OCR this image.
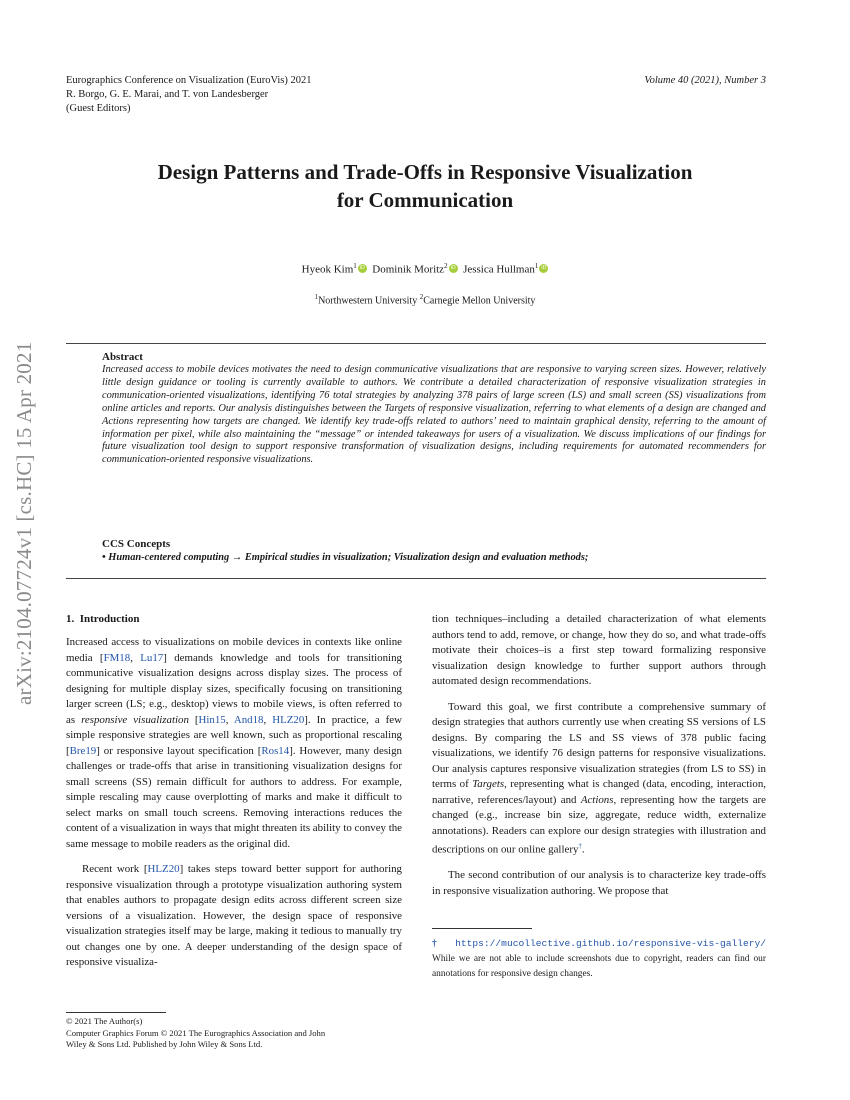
Eurographics Conference on Visualization (EuroVis) 2021
R. Borgo, G. E. Marai, and T. von Landesberger
(Guest Editors)
Volume 40 (2021), Number 3
arXiv:2104.07724v1 [cs.HC] 15 Apr 2021
Design Patterns and Trade-Offs in Responsive Visualization
for Communication
Hyeok Kim$^1$ iD Dominik Moritz$^2$ iD Jessica Hullman$^1$ iD
$^1$Northwestern University $^2$Carnegie Mellon University
Abstract

Increased access to mobile devices motivates the need to design communicative visualizations that are responsive to varying screen sizes. However, relatively little design guidance or tooling is currently available to authors. We contribute a detailed characterization of responsive visualization strategies in communication-oriented visualizations, identifying 76 total strategies by analyzing 378 pairs of large screen (LS) and small screen (SS) visualizations from online articles and reports. Our analysis distinguishes between the Targets of responsive visualization, referring to what elements of a design are changed and Actions representing how targets are changed. We identify key trade-offs related to authors’ need to maintain graphical density, referring to the amount of information per pixel, while also maintaining the “message” or intended takeaways for users of a visualization. We discuss implications of our findings for future visualization tool design to support responsive transformation of visualization designs, including requirements for automated recommenders for communication-oriented responsive visualizations.

CCS Concepts
• Human-centered computing → Empirical studies in visualization; Visualization design and evaluation methods;
1. Introduction

Increased access to visualizations on mobile devices in contexts like online media [FM18, Lu17] demands knowledge and tools for transitioning communicative visualization designs across display sizes. The process of designing for multiple display sizes, specifically focusing on transitioning larger screen (LS; e.g., desktop) views to mobile views, is often referred to as responsive visualization [Hin15, And18, HLZ20]. In practice, a few simple responsive strategies are well known, such as proportional rescaling [Bre19] or responsive layout specification [Ros14]. However, many design challenges or trade-offs that arise in transitioning visualization designs for small screens (SS) remain difficult for authors to address. For example, simple rescaling may cause overplotting of marks and make it difficult to select marks on small touch screens. Removing interactions reduces the content of a visualization in ways that might threaten its ability to convey the same message to mobile readers as the original did.

Recent work [HLZ20] takes steps toward better support for authoring responsive visualization through a prototype visualization authoring system that enables authors to propagate design edits across different screen size versions of a visualization. However, the design space of responsive visualization strategies itself may be large, making it tedious to manually try out changes one by one. A deeper understanding of the design space of responsive visualiza-

tion techniques–including a detailed characterization of what elements authors tend to add, remove, or change, how they do so, and what trade-offs motivate their choices–is a first step toward formalizing responsive visualization design knowledge to further support authors through automated design recommendations.

Toward this goal, we first contribute a comprehensive summary of design strategies that authors currently use when creating SS versions of LS designs. By comparing the LS and SS views of 378 public facing visualizations, we identify 76 design patterns for responsive visualizations. Our analysis captures responsive visualization strategies (from LS to SS) in terms of Targets, representing what is changed (data, encoding, interaction, narrative, references/layout) and Actions, representing how the targets are changed (e.g., increase bin size, aggregate, reduce width, externalize annotations). Readers can explore our design strategies with illustration and descriptions on our online gallery†.

The second contribution of our analysis is to characterize key trade-offs in responsive visualization authoring. We propose that

† https://mucollective.github.io/responsive-vis-gallery/ While we are not able to include screenshots due to copyright, readers can find our annotations for responsive design changes.
© 2021 The Author(s)
Computer Graphics Forum © 2021 The Eurographics Association and John
Wiley & Sons Ltd. Published by John Wiley & Sons Ltd.
